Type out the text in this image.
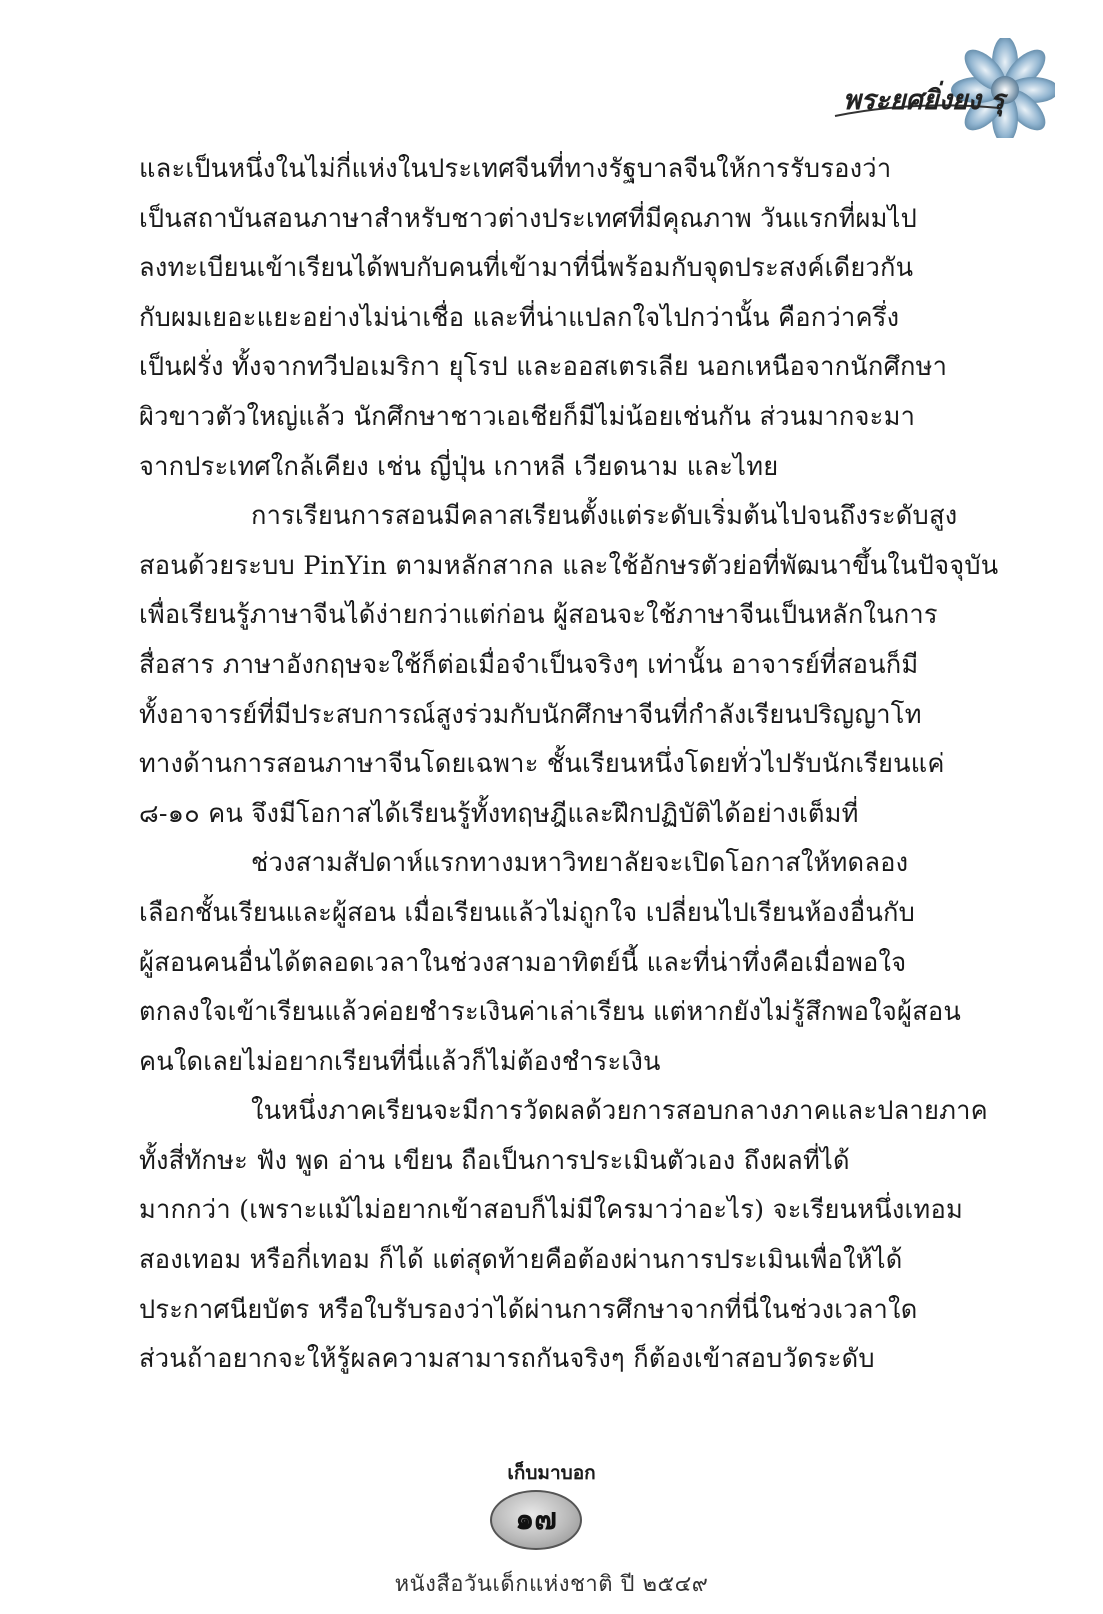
พระยศยิ่งยง รุ
และเป็นหนึ่งในไม่กี่แห่งในประเทศจีนที่ทางรัฐบาลจีนให้การรับรองว่า
เป็นสถาบันสอนภาษาสำหรับชาวต่างประเทศที่มีคุณภาพ วันแรกที่ผมไป
ลงทะเบียนเข้าเรียนได้พบกับคนที่เข้ามาที่นี่พร้อมกับจุดประสงค์เดียวกัน
กับผมเยอะแยะอย่างไม่น่าเชื่อ และที่น่าแปลกใจไปกว่านั้น คือกว่าครึ่ง
เป็นฝรั่ง ทั้งจากทวีปอเมริกา ยุโรป และออสเตรเลีย นอกเหนือจากนักศึกษา
ผิวขาวตัวใหญ่แล้ว นักศึกษาชาวเอเชียก็มีไม่น้อยเช่นกัน ส่วนมากจะมา
จากประเทศใกล้เคียง เช่น ญี่ปุ่น เกาหลี เวียดนาม และไทย
การเรียนการสอนมีคลาสเรียนตั้งแต่ระดับเริ่มต้นไปจนถึงระดับสูง
สอนด้วยระบบ PinYin ตามหลักสากล และใช้อักษรตัวย่อที่พัฒนาขึ้นในปัจจุบัน
เพื่อเรียนรู้ภาษาจีนได้ง่ายกว่าแต่ก่อน ผู้สอนจะใช้ภาษาจีนเป็นหลักในการ
สื่อสาร ภาษาอังกฤษจะใช้ก็ต่อเมื่อจำเป็นจริงๆ เท่านั้น อาจารย์ที่สอนก็มี
ทั้งอาจารย์ที่มีประสบการณ์สูงร่วมกับนักศึกษาจีนที่กำลังเรียนปริญญาโท
ทางด้านการสอนภาษาจีนโดยเฉพาะ ชั้นเรียนหนึ่งโดยทั่วไปรับนักเรียนแค่
๘-๑๐ คน จึงมีโอกาสได้เรียนรู้ทั้งทฤษฎีและฝึกปฏิบัติได้อย่างเต็มที่
ช่วงสามสัปดาห์แรกทางมหาวิทยาลัยจะเปิดโอกาสให้ทดลอง
เลือกชั้นเรียนและผู้สอน เมื่อเรียนแล้วไม่ถูกใจ เปลี่ยนไปเรียนห้องอื่นกับ
ผู้สอนคนอื่นได้ตลอดเวลาในช่วงสามอาทิตย์นี้ และที่น่าทึ่งคือเมื่อพอใจ
ตกลงใจเข้าเรียนแล้วค่อยชำระเงินค่าเล่าเรียน แต่หากยังไม่รู้สึกพอใจผู้สอน
คนใดเลยไม่อยากเรียนที่นี่แล้วก็ไม่ต้องชำระเงิน
ในหนึ่งภาคเรียนจะมีการวัดผลด้วยการสอบกลางภาคและปลายภาค
ทั้งสี่ทักษะ ฟัง พูด อ่าน เขียน ถือเป็นการประเมินตัวเอง ถึงผลที่ได้
มากกว่า (เพราะแม้ไม่อยากเข้าสอบก็ไม่มีใครมาว่าอะไร) จะเรียนหนึ่งเทอม
สองเทอม หรือกี่เทอม ก็ได้ แต่สุดท้ายคือต้องผ่านการประเมินเพื่อให้ได้
ประกาศนียบัตร หรือใบรับรองว่าได้ผ่านการศึกษาจากที่นี่ในช่วงเวลาใด
ส่วนถ้าอยากจะให้รู้ผลความสามารถกันจริงๆ ก็ต้องเข้าสอบวัดระดับ
เก็บมาบอก
๑๗
หนังสือวันเด็กแห่งชาติ ปี ๒๕๔๙
